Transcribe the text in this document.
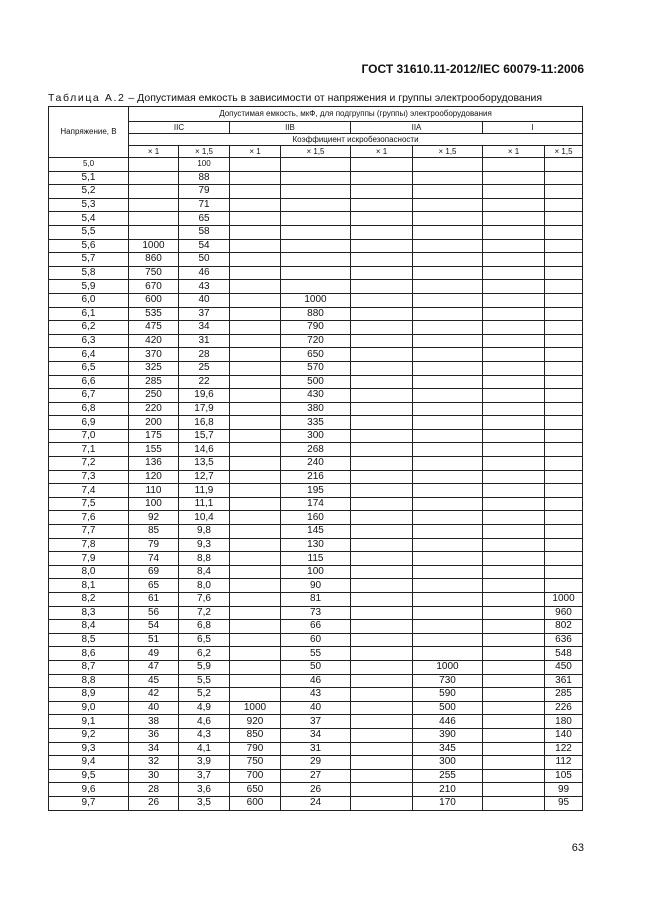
ГОСТ 31610.11-2012/IEC 60079-11:2006
Таблица А.2 – Допустимая емкость в зависимости от напряжения и группы электрооборудования
Напряжение, В	Допустимая емкость, мкФ, для подгруппы (группы) электрооборудования							
	IIC		IIB		IIA		I	
	Коэффициент искробезопасности							
	× 1	× 1,5	× 1	× 1,5	× 1	× 1,5	× 1	× 1,5
5,0		100						
5,1		88						
5,2		79						
5,3		71						
5,4		65						
5,5		58						
5,6	1000	54						
5,7	860	50						
5,8	750	46						
5,9	670	43						
6,0	600	40		1000				
6,1	535	37		880				
6,2	475	34		790				
6,3	420	31		720				
6,4	370	28		650				
6,5	325	25		570				
6,6	285	22		500				
6,7	250	19,6		430				
6,8	220	17,9		380				
6,9	200	16,8		335				
7,0	175	15,7		300				
7,1	155	14,6		268				
7,2	136	13,5		240				
7,3	120	12,7		216				
7,4	110	11,9		195				
7,5	100	11,1		174				
7,6	92	10,4		160				
7,7	85	9,8		145				
7,8	79	9,3		130				
7,9	74	8,8		115				
8,0	69	8,4		100				
8,1	65	8,0		90				
8,2	61	7,6		81				1000
8,3	56	7,2		73				960
8,4	54	6,8		66				802
8,5	51	6,5		60				636
8,6	49	6,2		55				548
8,7	47	5,9		50		1000		450
8,8	45	5,5		46		730		361
8,9	42	5,2		43		590		285
9,0	40	4,9	1000	40		500		226
9,1	38	4,6	920	37		446		180
9,2	36	4,3	850	34		390		140
9,3	34	4,1	790	31		345		122
9,4	32	3,9	750	29		300		112
9,5	30	3,7	700	27		255		105
9,6	28	3,6	650	26		210		99
9,7	26	3,5	600	24		170		95
63
